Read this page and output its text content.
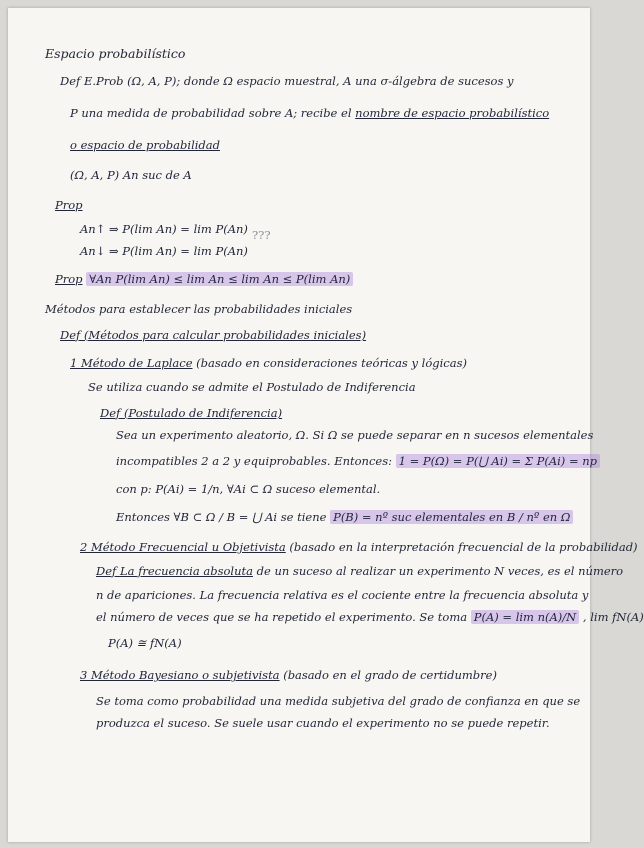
Espacio probabilístico
Def E.Prob (Ω, A, P); donde Ω espacio muestral, A una σ-álgebra de sucesos y
P una medida de probabilidad sobre A; recibe el nombre de espacio probabilístico
o espacio de probabilidad
(Ω, A, P) An suc de A
Prop
An↑ ⇒ P(lim An) = lim P(An) ???
An↓ ⇒ P(lim An) = lim P(An)
Prop ∀An P(lim An) ≤ lim An ≤ lim An ≤ P(lim An)
Métodos para establecer las probabilidades iniciales
Def (Métodos para calcular probabilidades iniciales)
1 Método de Laplace (basado en consideraciones teóricas y lógicas)
Se utiliza cuando se admite el Postulado de Indiferencia
Def (Postulado de Indiferencia)
Sea un experimento aleatorio, Ω. Si Ω se puede separar en n sucesos elementales
incompatibles 2 a 2 y equiprobables. Entonces: 1 = P(Ω) = P(⋃ Ai) = Σ P(Ai) = np
con p: P(Ai) = 1/n, ∀Ai ⊂ Ω suceso elemental.
Entonces ∀B ⊂ Ω / B = ⋃ Ai se tiene P(B) = nº suc elementales en B / nº en Ω
2 Método Frecuencial u Objetivista (basado en la interpretación frecuencial de la probabilidad)
Def La frecuencia absoluta de un suceso al realizar un experimento N veces, es el número
n de apariciones. La frecuencia relativa es el cociente entre la frecuencia absoluta y
el número de veces que se ha repetido el experimento. Se toma P(A) = lim n(A)/N , lim fN(A)
P(A) ≅ fN(A)
3 Método Bayesiano o subjetivista (basado en el grado de certidumbre)
Se toma como probabilidad una medida subjetiva del grado de confianza en que se
produzca el suceso. Se suele usar cuando el experimento no se puede repetir.
